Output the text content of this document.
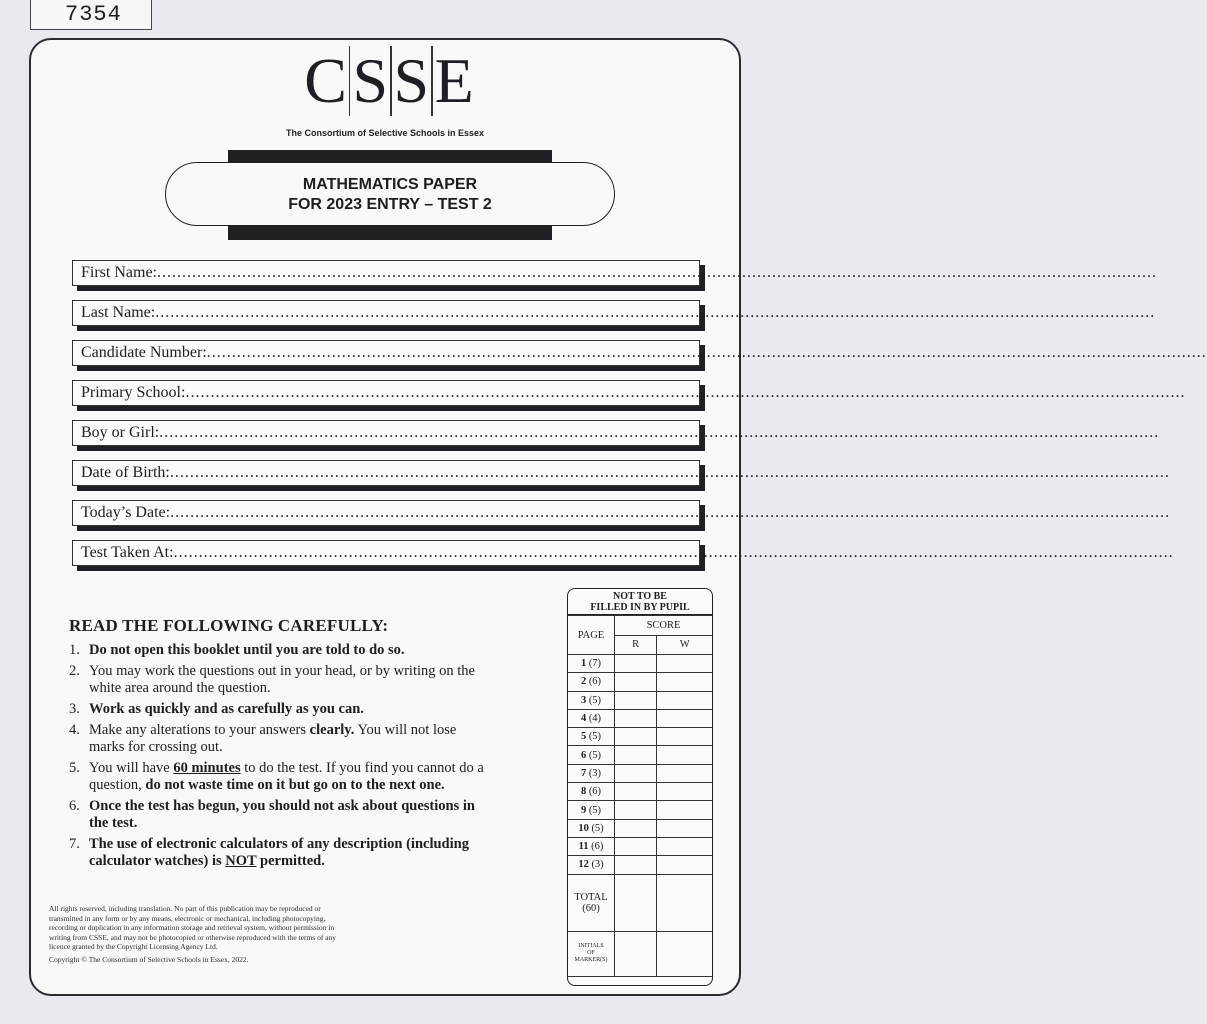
7354
C S S E
The Consortium of Selective Schools in Essex
MATHEMATICS PAPER
FOR 2023 ENTRY – TEST 2
First Name: ........................................................................................................................................................................................................
Last Name: ........................................................................................................................................................................................................
Candidate Number: ........................................................................................................................................................................................................
Primary School: ........................................................................................................................................................................................................
Boy or Girl: ........................................................................................................................................................................................................
Date of Birth: ........................................................................................................................................................................................................
Today’s Date: ........................................................................................................................................................................................................
Test Taken At: ........................................................................................................................................................................................................
READ THE FOLLOWING CAREFULLY:
1. Do not open this booklet until you are told to do so.
2. You may work the questions out in your head, or by writing on the white area around the question.
3. Work as quickly and as carefully as you can.
4. Make any alterations to your answers clearly. You will not lose marks for crossing out.
5. You will have 60 minutes to do the test. If you find you cannot do a question, do not waste time on it but go on to the next one.
6. Once the test has begun, you should not ask about questions in the test.
7. The use of electronic calculators of any description (including calculator watches) is NOT permitted.
All rights reserved, including translation. No part of this publication may be reproduced or transmitted in any form or by any means, electronic or mechanical, including photocopying, recording or duplication in any information storage and retrieval system, without permission in writing from CSSE, and may not be photocopied or otherwise reproduced with the terms of any licence granted by the Copyright Licensing Agency Ltd.
Copyright © The Consortium of Selective Schools in Essex, 2022.
NOT TO BE
FILLED IN BY PUPIL
PAGE	SCORE	
	R	W
1 (7)		
2 (6)		
3 (5)		
4 (4)		
5 (5)		
6 (5)		
7 (3)		
8 (6)		
9 (5)		
10 (5)		
11 (6)		
12 (3)		

TOTAL
(60)		

INITIALS
OF
MARKER(S)		
